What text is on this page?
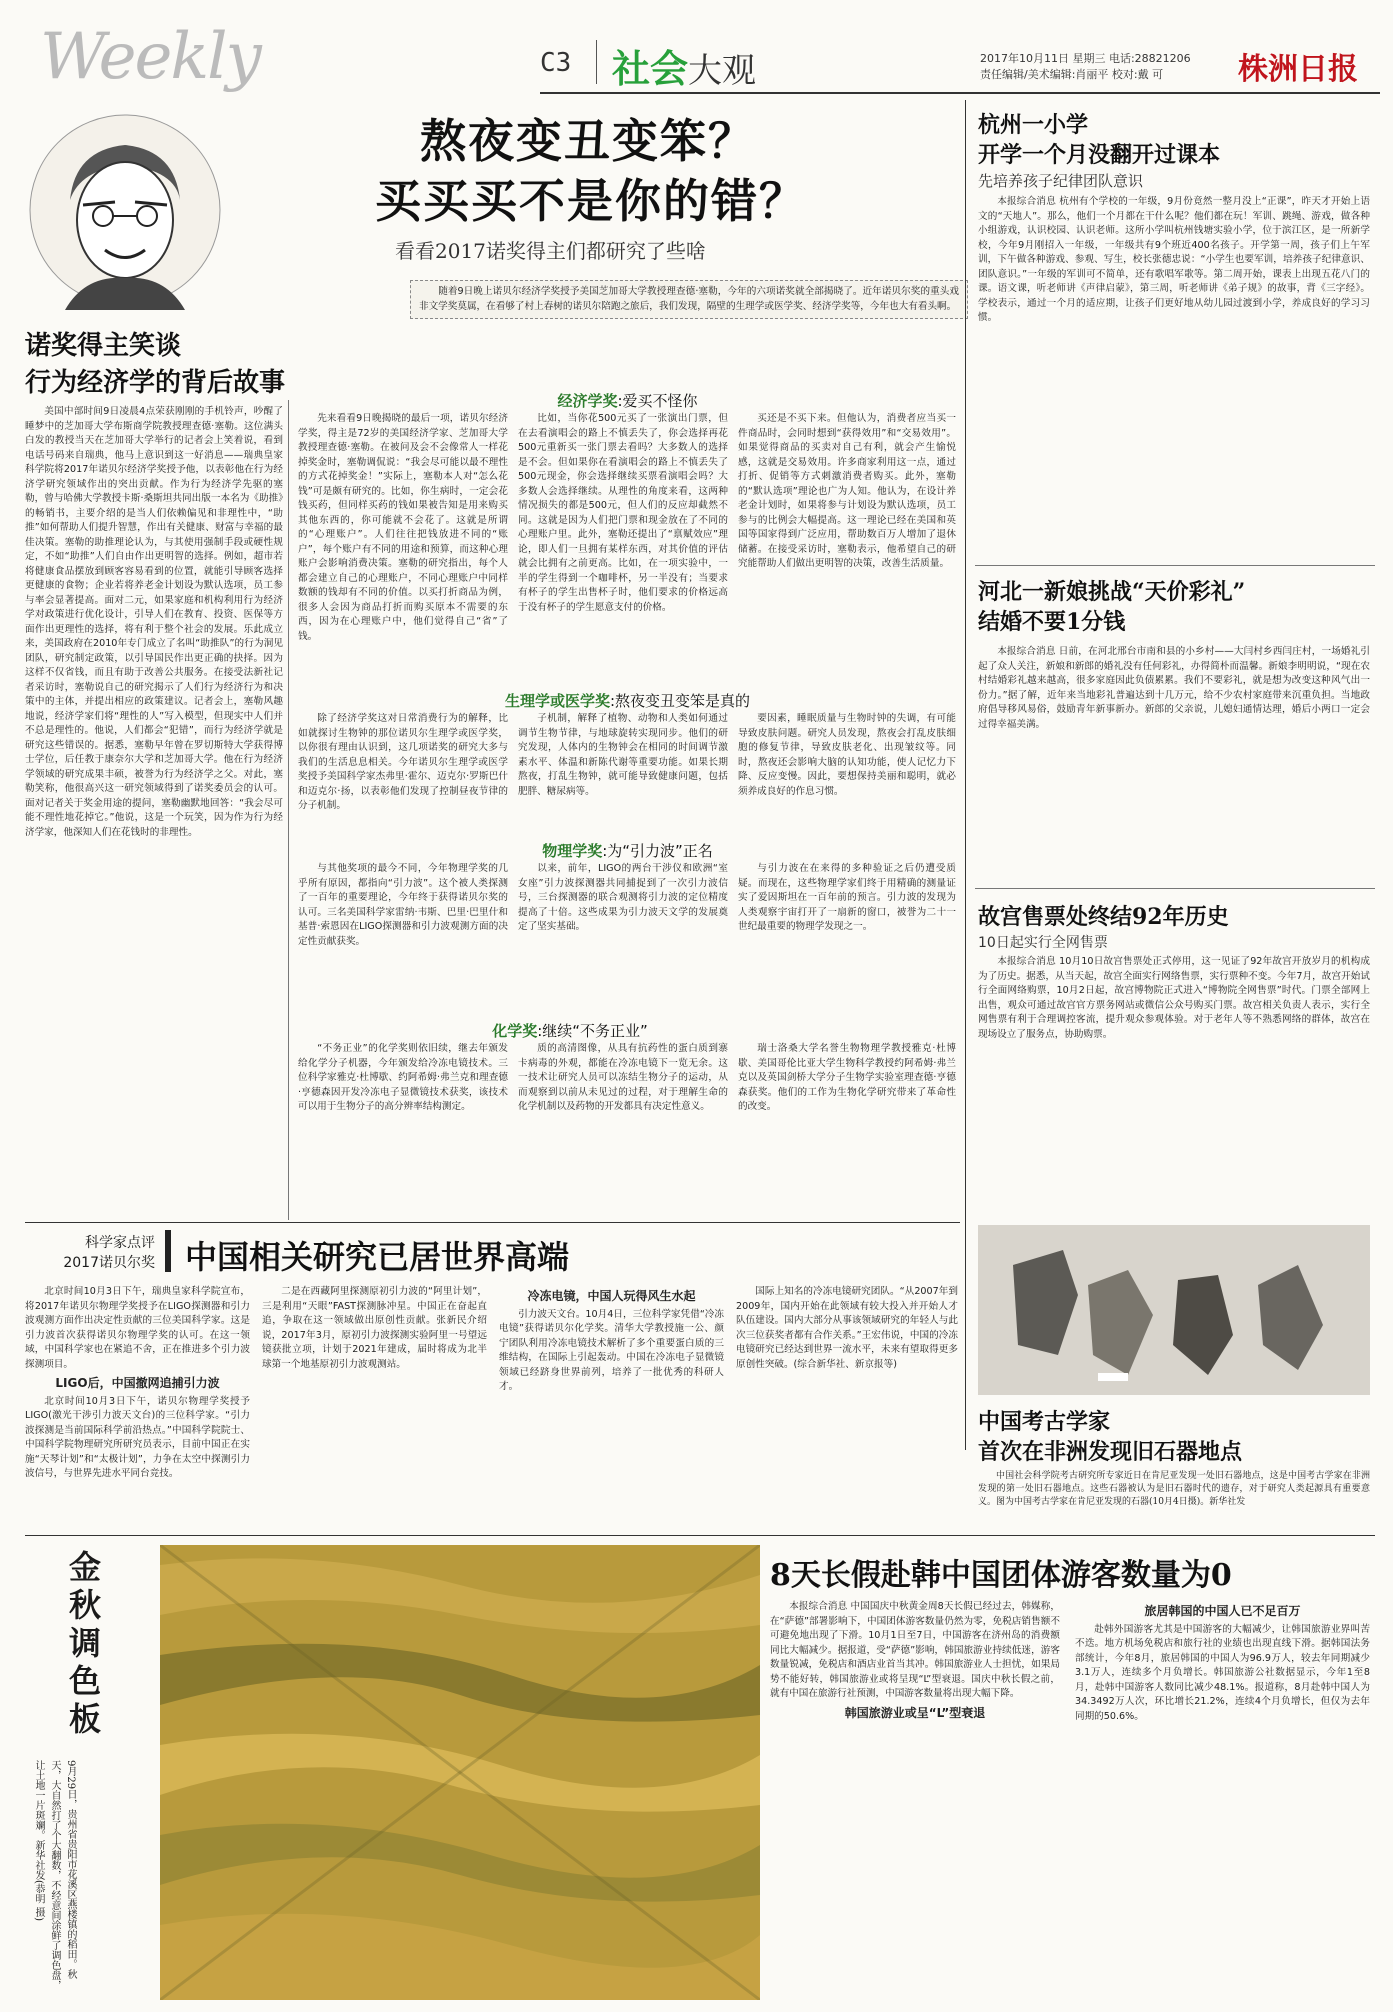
Weekly	C3 社会大观	2017年10月11日 星期三 电话:28821206
责任编辑/美术编辑:肖丽平 校对:戴 可 株洲日报
诺奖得主笑谈
行为经济学的背后故事
熬夜变丑变笨？
买买买不是你的错？
看看2017诺奖得主们都研究了些啥

随着9日晚上诺贝尔经济学奖授予美国芝加哥大学教授理查德·塞勒，今年的六项诺奖就全部揭晓了。近年诺贝尔奖的重头戏非文学奖莫属，在看够了村上春树的诺贝尔陪跑之旅后，我们发现，隔壁的生理学或医学奖、经济学奖等，今年也大有看头啊。

美国中部时间9日凌晨4点荣获刚刚的手机铃声，吵醒了睡梦中的芝加哥大学布斯商学院教授理查德·塞勒。这位满头白发的教授当天在芝加哥大学举行的记者会上笑着说，看到电话号码来自瑞典，他马上意识到这一好消息——瑞典皇家科学院将2017年诺贝尔经济学奖授予他，以表彰他在行为经济学研究领域作出的突出贡献。作为行为经济学先驱的塞勒，曾与哈佛大学教授卡斯·桑斯坦共同出版一本名为《助推》的畅销书，主要介绍的是当人们依赖偏见和非理性中，“助推”如何帮助人们提升智慧，作出有关健康、财富与幸福的最佳决策。塞勒的助推理论认为，与其使用强制手段或硬性规定，不如“助推”人们自由作出更明智的选择。例如，超市若将健康食品摆放到顾客容易看到的位置，就能引导顾客选择更健康的食物；企业若将养老金计划设为默认选项，员工参与率会显著提高。面对二元，如果家庭和机构利用行为经济学对政策进行优化设计，引导人们在教育、投资、医保等方面作出更理性的选择，将有利于整个社会的发展。乐此成立来，美国政府在2010年专门成立了名叫“助推队”的行为洞见团队，研究制定政策，以引导国民作出更正确的抉择。因为这样不仅省钱，而且有助于改善公共服务。在接受法新社记者采访时，塞勒说自己的研究揭示了人们行为经济行为和决策中的主体，并提出相应的政策建议。记者会上，塞勒风趣地说，经济学家们将“理性的人”写入模型，但现实中人们并不总是理性的。他说，人们都会“犯错”，而行为经济学就是研究这些错误的。据悉，塞勒早年曾在罗切斯特大学获得博士学位，后任教于康奈尔大学和芝加哥大学。他在行为经济学领域的研究成果丰硕，被誉为行为经济学之父。对此，塞勒笑称，他很高兴这一研究领域得到了诺奖委员会的认可。面对记者关于奖金用途的提问，塞勒幽默地回答：“我会尽可能不理性地花掉它。”他说，这是一个玩笑，因为作为行为经济学家，他深知人们在花钱时的非理性。

经济学奖:爱买不怪你

先来看看9日晚揭晓的最后一项，诺贝尔经济学奖，得主是72岁的美国经济学家、芝加哥大学教授理查德·塞勒。在被问及会不会像常人一样花掉奖金时，塞勒调侃说：“我会尽可能以最不理性的方式花掉奖金！”实际上，塞勒本人对“怎么花钱”可是颇有研究的。比如，你生病时，一定会花钱买药，但同样买药的钱如果被告知是用来购买其他东西的，你可能就不会花了。这就是所谓的“心理账户”。人们往往把钱放进不同的“账户”，每个账户有不同的用途和预算，而这种心理账户会影响消费决策。塞勒的研究指出，每个人都会建立自己的心理账户，不同心理账户中同样数额的钱却有不同的价值。以买打折商品为例，很多人会因为商品打折而购买原本不需要的东西，因为在心理账户中，他们觉得自己“省”了钱。

比如，当你花500元买了一张演出门票，但在去看演唱会的路上不慎丢失了，你会选择再花500元重新买一张门票去看吗？大多数人的选择是不会。但如果你在看演唱会的路上不慎丢失了500元现金，你会选择继续买票看演唱会吗？大多数人会选择继续。从理性的角度来看，这两种情况损失的都是500元，但人们的反应却截然不同。这就是因为人们把门票和现金放在了不同的心理账户里。此外，塞勒还提出了“禀赋效应”理论，即人们一旦拥有某样东西，对其价值的评估就会比拥有之前更高。比如，在一项实验中，一半的学生得到一个咖啡杯，另一半没有；当要求有杯子的学生出售杯子时，他们要求的价格远高于没有杯子的学生愿意支付的价格。

买还是不买下来。但他认为，消费者应当买一件商品时，会同时想到“获得效用”和“交易效用”。如果觉得商品的买卖对自己有利，就会产生愉悦感，这就是交易效用。许多商家利用这一点，通过打折、促销等方式刺激消费者购买。此外，塞勒的“默认选项”理论也广为人知。他认为，在设计养老金计划时，如果将参与计划设为默认选项，员工参与的比例会大幅提高。这一理论已经在美国和英国等国家得到广泛应用，帮助数百万人增加了退休储蓄。在接受采访时，塞勒表示，他希望自己的研究能帮助人们做出更明智的决策，改善生活质量。

生理学或医学奖:熬夜变丑变笨是真的

除了经济学奖这对日常消费行为的解释，比如就探讨生物钟的那位诺贝尔生理学或医学奖，以你很有理由认识到，这几项诺奖的研究大多与我们的生活息息相关。今年诺贝尔生理学或医学奖授予美国科学家杰弗里·霍尔、迈克尔·罗斯巴什和迈克尔·扬，以表彰他们发现了控制昼夜节律的分子机制。

子机制，解释了植物、动物和人类如何通过调节生物节律，与地球旋转实现同步。他们的研究发现，人体内的生物钟会在相同的时间调节激素水平、体温和新陈代谢等重要功能。如果长期熬夜，打乱生物钟，就可能导致健康问题，包括肥胖、糖尿病等。

要因素，睡眠质量与生物时钟的失调，有可能导致皮肤问题。研究人员发现，熬夜会打乱皮肤细胞的修复节律，导致皮肤老化、出现皱纹等。同时，熬夜还会影响大脑的认知功能，使人记忆力下降、反应变慢。因此，要想保持美丽和聪明，就必须养成良好的作息习惯。

物理学奖:为“引力波”正名

与其他奖项的最今不同，今年物理学奖的几乎所有原因，都指向“引力波”。这个被人类探测了一百年的重要理论，今年终于获得诺贝尔奖的认可。三名美国科学家雷纳·韦斯、巴里·巴里什和基普·索恩因在LIGO探测器和引力波观测方面的决定性贡献获奖。

以来，前年，LIGO的两台干涉仪和欧洲“室女座”引力波探测器共同捕捉到了一次引力波信号，三台探测器的联合观测将引力波的定位精度提高了十倍。这些成果为引力波天文学的发展奠定了坚实基础。

与引力波在在来得的多种验证之后仍遭受质疑。而现在，这些物理学家们终于用精确的测量证实了爱因斯坦在一百年前的预言。引力波的发现为人类观察宇宙打开了一扇新的窗口，被誉为二十一世纪最重要的物理学发现之一。

化学奖:继续“不务正业”

“不务正业”的化学奖则依旧续，继去年颁发给化学分子机器，今年颁发给冷冻电镜技术。三位科学家雅克·杜博歇、约阿希姆·弗兰克和理查德·亨德森因开发冷冻电子显微镜技术获奖，该技术可以用于生物分子的高分辨率结构测定。

质的高清图像，从具有抗药性的蛋白质到寨卡病毒的外观，都能在冷冻电镜下一览无余。这一技术让研究人员可以冻结生物分子的运动，从而观察到以前从未见过的过程，对于理解生命的化学机制以及药物的开发都具有决定性意义。

瑞士洛桑大学名誉生物物理学教授雅克·杜博歇、美国哥伦比亚大学生物科学教授约阿希姆·弗兰克以及英国剑桥大学分子生物学实验室理查德·亨德森获奖。他们的工作为生物化学研究带来了革命性的改变。

科学家点评
2017诺贝尔奖 中国相关研究已居世界高端

北京时间10月3日下午，瑞典皇家科学院宣布，将2017年诺贝尔物理学奖授予在LIGO探测器和引力波观测方面作出决定性贡献的三位美国科学家。这是引力波首次获得诺贝尔物理学奖的认可。在这一领域，中国科学家也在紧追不舍，正在推进多个引力波探测项目。

LIGO后，中国撤网追捕引力波

北京时间10月3日下午，诺贝尔物理学奖授予LIGO(激光干涉引力波天文台)的三位科学家。“引力波探测是当前国际科学前沿热点。”中国科学院院士、中国科学院物理研究所研究员表示，目前中国正在实施“天琴计划”和“太极计划”，力争在太空中探测引力波信号，与世界先进水平同台竞技。

二是在西藏阿里探测原初引力波的“阿里计划”，三是利用“天眼”FAST探测脉冲星。中国正在奋起直追，争取在这一领域做出原创性贡献。张新民介绍说，2017年3月，原初引力波探测实验阿里一号望远镜获批立项，计划于2021年建成，届时将成为北半球第一个地基原初引力波观测站。

冷冻电镜，中国人玩得风生水起

引力波天文台。10月4日，三位科学家凭借“冷冻电镜”获得诺贝尔化学奖。清华大学教授施一公、颜宁团队利用冷冻电镜技术解析了多个重要蛋白质的三维结构，在国际上引起轰动。中国在冷冻电子显微镜领域已经跻身世界前列，培养了一批优秀的科研人才。

国际上知名的冷冻电镜研究团队。“从2007年到2009年，国内开始在此领域有较大投入并开始人才队伍建设。国内大部分从事该领域研究的年轻人与此次三位获奖者都有合作关系。”王宏伟说，中国的冷冻电镜研究已经达到世界一流水平，未来有望取得更多原创性突破。(综合新华社、新京报等)

杭州一小学
开学一个月没翻开过课本
先培养孩子纪律团队意识

本报综合消息 杭州有个学校的一年级，9月份竟然一整月没上“正课”，昨天才开始上语文的“天地人”。那么，他们一个月都在干什么呢？他们都在玩！军训、跳绳、游戏，做各种小组游戏，认识校园、认识老师。这所小学叫杭州钱塘实验小学，位于滨江区，是一所新学校，今年9月刚招入一年级，一年级共有9个班近400名孩子。开学第一周，孩子们上午军训，下午做各种游戏、参观、写生，校长张德忠说：“小学生也要军训，培养孩子纪律意识、团队意识。”一年级的军训可不简单，还有歌唱军歌等。第二周开始，课表上出现五花八门的课。语文课，听老师讲《声律启蒙》，第三周，听老师讲《弟子规》的故事，背《三字经》。学校表示，通过一个月的适应期，让孩子们更好地从幼儿园过渡到小学，养成良好的学习习惯。

河北一新娘挑战“天价彩礼”
结婚不要1分钱

本报综合消息 日前，在河北邢台市南和县的小乡村——大闫村乡西闫庄村，一场婚礼引起了众人关注，新娘和新郎的婚礼没有任何彩礼，办得简朴而温馨。新娘李明明说，“现在农村结婚彩礼越来越高，很多家庭因此负债累累。我们不要彩礼，就是想为改变这种风气出一份力。”据了解，近年来当地彩礼普遍达到十几万元，给不少农村家庭带来沉重负担。当地政府倡导移风易俗，鼓励青年新事新办。新郎的父亲说，儿媳妇通情达理，婚后小两口一定会过得幸福美满。

故宫售票处终结92年历史
10日起实行全网售票

本报综合消息 10月10日故宫售票处正式停用，这一见证了92年故宫开放岁月的机构成为了历史。据悉，从当天起，故宫全面实行网络售票，实行票种不变。今年7月，故宫开始试行全面网络购票，10月2日起，故宫博物院正式进入“博物院全网售票”时代。门票全部网上出售，观众可通过故宫官方票务网站或微信公众号购买门票。故宫相关负责人表示，实行全网售票有利于合理调控客流，提升观众参观体验。对于老年人等不熟悉网络的群体，故宫在现场设立了服务点，协助购票。

中国考古学家
首次在非洲发现旧石器地点

中国社会科学院考古研究所专家近日在肯尼亚发现一处旧石器地点，这是中国考古学家在非洲发现的第一处旧石器地点。这些石器被认为是旧石器时代的遗存，对于研究人类起源具有重要意义。图为中国考古学家在肯尼亚发现的石器(10月4日摄)。新华社发

金秋调色板
9月29日，贵州省贵阳市花溪区燕楼镇的稻田。秋天，大自然打了个大翻数，不经意间涂鲜了调色盘，让土地一片斑斓。新华社发(恭明 摄)
8天长假赴韩中国团体游客数量为0

本报综合消息 中国国庆中秋黄金周8天长假已经过去，韩媒称，在“萨德”部署影响下，中国团体游客数量仍然为零，免税店销售额不可避免地出现了下滑。10月1日至7日，中国游客在济州岛的消费额同比大幅减少。据报道，受“萨德”影响，韩国旅游业持续低迷，游客数量锐减，免税店和酒店业首当其冲。韩国旅游业人士担忧，如果局势不能好转，韩国旅游业或将呈现“L”型衰退。国庆中秋长假之前，就有中国在旅游行社预测，中国游客数量将出现大幅下降。

韩国旅游业或呈“L”型衰退
旅居韩国的中国人已不足百万

赴韩外国游客尤其是中国游客的大幅减少，让韩国旅游业界叫苦不迭。地方机场免税店和旅行社的业绩也出现直线下滑。据韩国法务部统计，今年8月，旅居韩国的中国人为96.9万人，较去年同期减少3.1万人，连续多个月负增长。韩国旅游公社数据显示，今年1至8月，赴韩中国游客人数同比减少48.1%。报道称，8月赴韩中国人为34.3492万人次，环比增长21.2%，连续4个月负增长，但仅为去年同期的50.6%。
